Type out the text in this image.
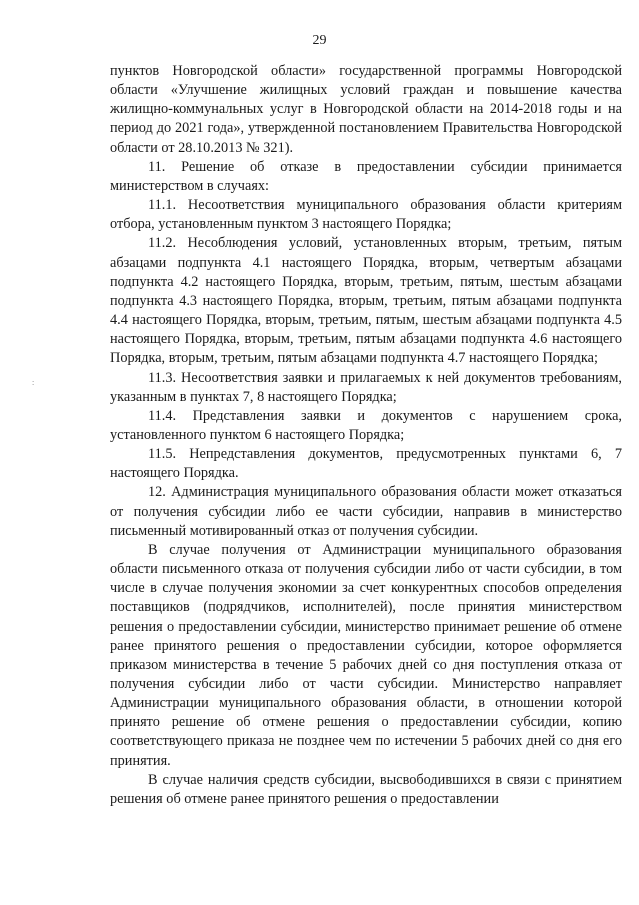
29
:

пунктов Новгородской области» государственной программы Новгородской области «Улучшение жилищных условий граждан и повышение качества жилищно-коммунальных услуг в Новгородской области на 2014-2018 годы и на период до 2021 года», утвержденной постановлением Правительства Новгородской области от 28.10.2013 № 321).

11. Решение об отказе в предоставлении субсидии принимается министерством в случаях:

11.1. Несоответствия муниципального образования области критериям отбора, установленным пунктом 3 настоящего Порядка;

11.2. Несоблюдения условий, установленных вторым, третьим, пятым абзацами подпункта 4.1 настоящего Порядка, вторым, четвертым абзацами подпункта 4.2 настоящего Порядка, вторым, третьим, пятым, шестым абзацами подпункта 4.3 настоящего Порядка, вторым, третьим, пятым абзацами подпункта 4.4 настоящего Порядка, вторым, третьим, пятым, шестым абзацами подпункта 4.5 настоящего Порядка, вторым, третьим, пятым абзацами подпункта 4.6 настоящего Порядка, вторым, третьим, пятым абзацами подпункта 4.7 настоящего Порядка;

11.3. Несоответствия заявки и прилагаемых к ней документов требованиям, указанным в пунктах 7, 8 настоящего Порядка;

11.4. Представления заявки и документов с нарушением срока, установленного пунктом 6 настоящего Порядка;

11.5. Непредставления документов, предусмотренных пунктами 6, 7 настоящего Порядка.

12. Администрация муниципального образования области может отказаться от получения субсидии либо ее части субсидии, направив в министерство письменный мотивированный отказ от получения субсидии.

В случае получения от Администрации муниципального образования области письменного отказа от получения субсидии либо от части субсидии, в том числе в случае получения экономии за счет конкурентных способов определения поставщиков (подрядчиков, исполнителей), после принятия министерством решения о предоставлении субсидии, министерство принимает решение об отмене ранее принятого решения о предоставлении субсидии, которое оформляется приказом министерства в течение 5 рабочих дней со дня поступления отказа от получения субсидии либо от части субсидии. Министерство направляет Администрации муниципального образования области, в отношении которой принято решение об отмене решения о предоставлении субсидии, копию соответствующего приказа не позднее чем по истечении 5 рабочих дней со дня его принятия.

В случае наличия средств субсидии, высвободившихся в связи с принятием решения об отмене ранее принятого решения о предоставлении
